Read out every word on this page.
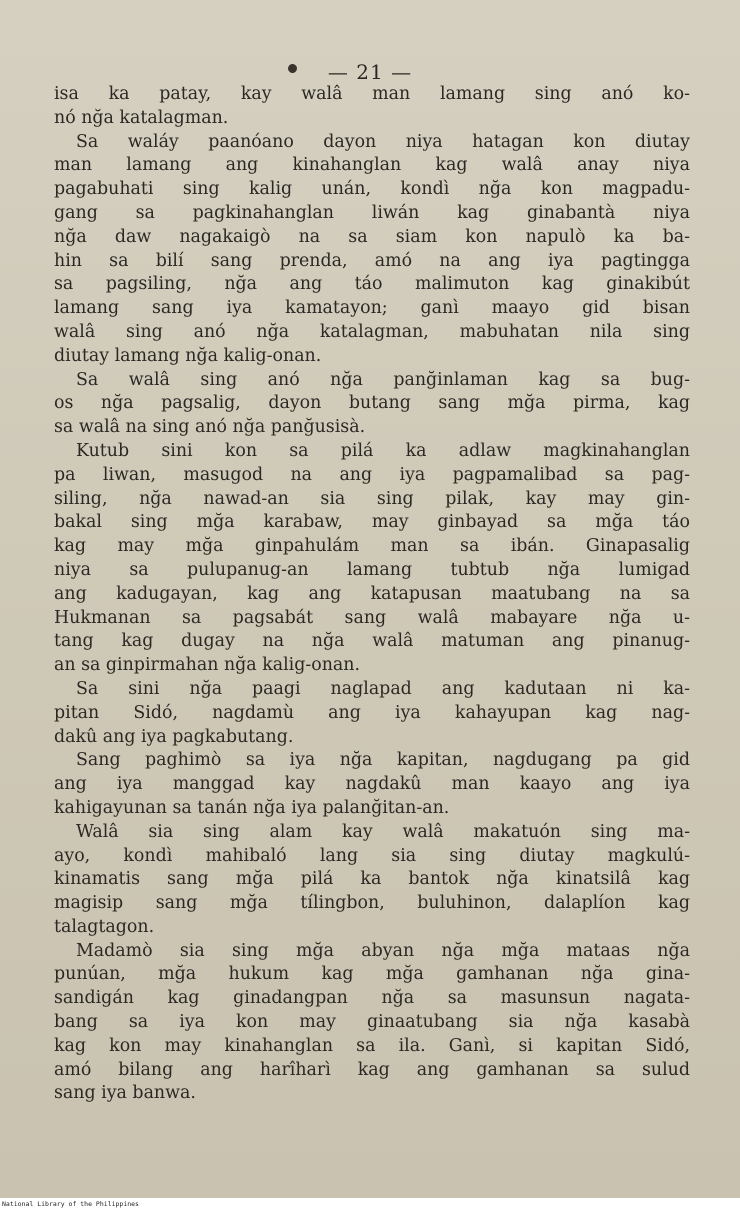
— 21 —
isa ka patay, kay walâ man lamang sing anó ko-
nó nğa katalagman.
Sa waláy paanóano dayon niya hatagan kon diutay
man lamang ang kinahanglan kag walâ anay niya
pagabuhati sing kalig unán, kondì nğa kon magpadu-
gang sa pagkinahanglan liwán kag ginabantà niya
nğa daw nagakaigò na sa siam kon napulò ka ba-
hin sa bilí sang prenda, amó na ang iya pagtingga
sa pagsiling, nğa ang táo malimuton kag ginakibút
lamang sang iya kamatayon; ganì maayo gid bisan
walâ sing anó nğa katalagman, mabuhatan nila sing
diutay lamang nğa kalig-onan.
Sa walâ sing anó nğa panğinlaman kag sa bug-
os nğa pagsalig, dayon butang sang mğa pirma, kag
sa walâ na sing anó nğa panğusisà.
Kutub sini kon sa pilá ka adlaw magkinahanglan
pa liwan, masugod na ang iya pagpamalibad sa pag-
siling, nğa nawad-an sia sing pilak, kay may gin-
bakal sing mğa karabaw, may ginbayad sa mğa táo
kag may mğa ginpahulám man sa ibán. Ginapasalig
niya sa pulupanug-an lamang tubtub nğa lumigad
ang kadugayan, kag ang katapusan maatubang na sa
Hukmanan sa pagsabát sang walâ mabayare nğa u-
tang kag dugay na nğa walâ matuman ang pinanug-
an sa ginpirmahan nğa kalig-onan.
Sa sini nğa paagi naglapad ang kadutaan ni ka-
pitan Sidó, nagdamù ang iya kahayupan kag nag-
dakû ang iya pagkabutang.
Sang paghimò sa iya nğa kapitan, nagdugang pa gid
ang iya manggad kay nagdakû man kaayo ang iya
kahigayunan sa tanán nğa iya palanğitan-an.
Walâ sia sing alam kay walâ makatuón sing ma-
ayo, kondì mahibaló lang sia sing diutay magkulú-
kinamatis sang mğa pilá ka bantok nğa kinatsilâ kag
magisip sang mğa tílingbon, buluhinon, dalaplíon kag
talagtagon.
Madamò sia sing mğa abyan nğa mğa mataas nğa
punúan, mğa hukum kag mğa gamhanan nğa gina-
sandigán kag ginadangpan nğa sa masunsun nagata-
bang sa iya kon may ginaatubang sia nğa kasabà
kag kon may kinahanglan sa ila. Ganì, si kapitan Sidó,
amó bilang ang harîharì kag ang gamhanan sa sulud
sang iya banwa.
National Library of the Philippines
